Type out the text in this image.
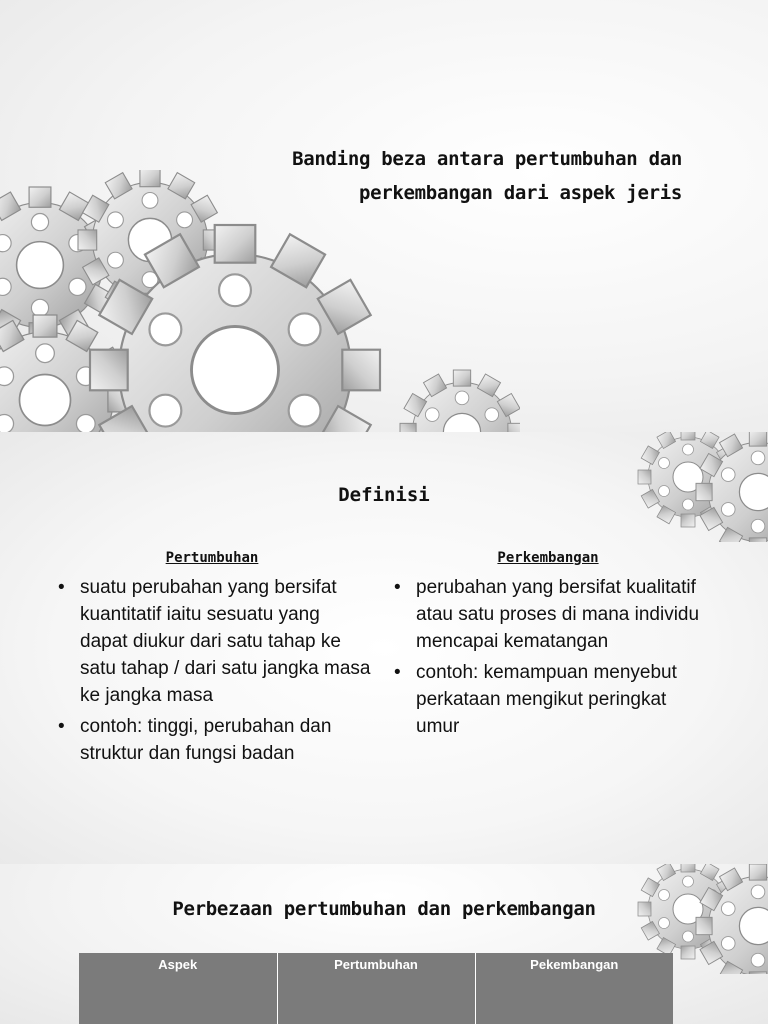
Banding beza antara pertumbuhan dan
perkembangan dari aspek jeris
Definisi
Pertumbuhan
• suatu perubahan yang bersifat kuantitatif iaitu sesuatu yang dapat diukur dari satu tahap ke satu tahap / dari satu jangka masa ke jangka masa
• contoh: tinggi, perubahan dan struktur dan fungsi badan
Perkembangan
• perubahan yang bersifat kualitatif atau satu proses di mana individu mencapai kematangan
• contoh: kemampuan menyebut perkataan mengikut peringkat umur
Perbezaan pertumbuhan dan perkembangan
Aspek	Pertumbuhan	Pekembangan
